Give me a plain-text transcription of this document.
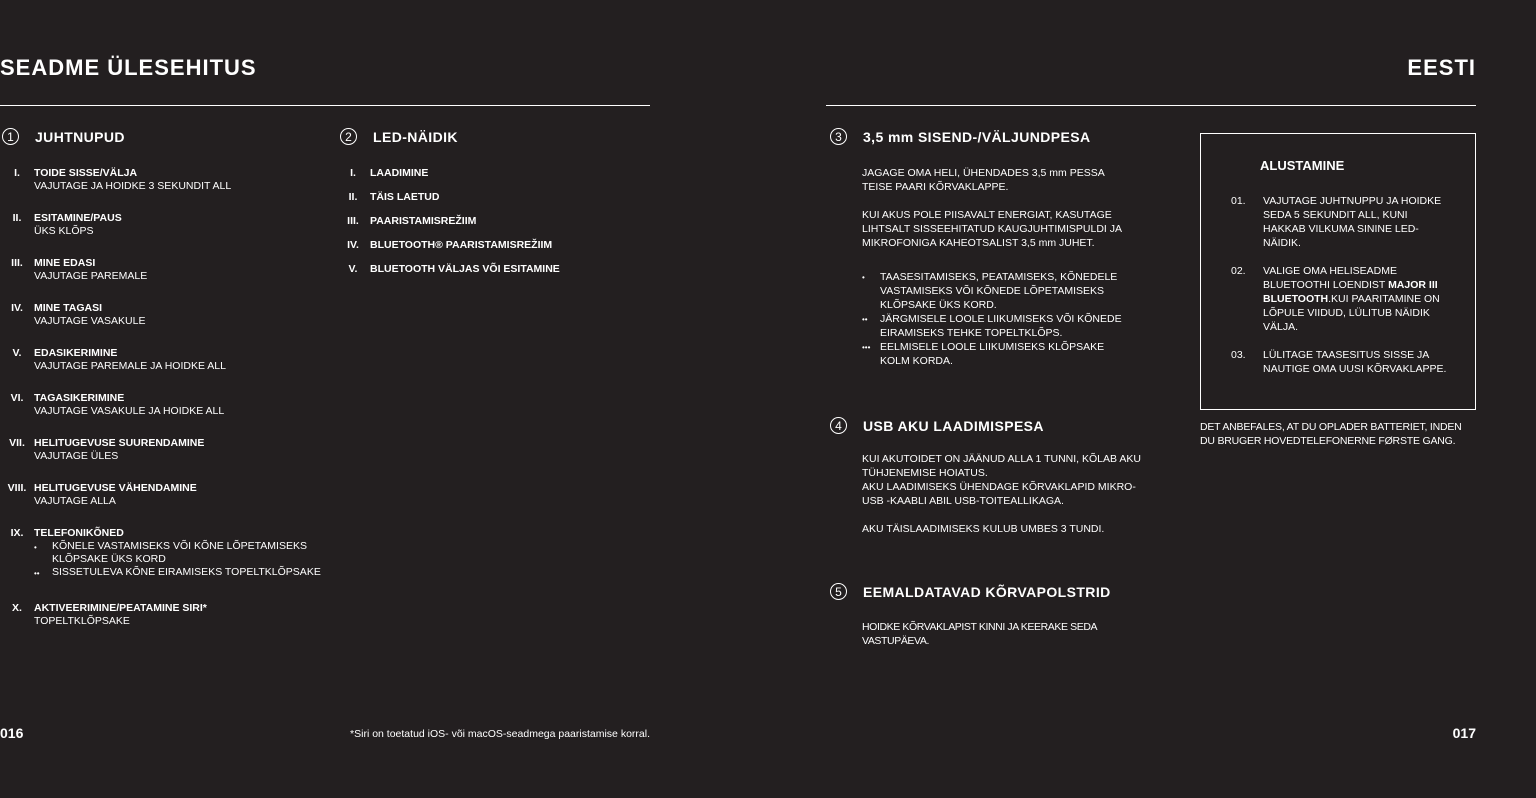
SEADME ÜLESEHITUS
1	JUHTNUPUD
I.	TOIDE SISSE/VÄLJA
VAJUTAGE JA HOIDKE 3 SEKUNDIT ALL
II.	ESITAMINE/PAUS
ÜKS KLÕPS
III.	MINE EDASI
VAJUTAGE PAREMALE
IV.	MINE TAGASI
VAJUTAGE VASAKULE
V.	EDASIKERIMINE
VAJUTAGE PAREMALE JA HOIDKE ALL
VI.	TAGASIKERIMINE
VAJUTAGE VASAKULE JA HOIDKE ALL
VII. HELITUGEVUSE SUURENDAMINE
VAJUTAGE ÜLES
VIII. HELITUGEVUSE VÄHENDAMINE
VAJUTAGE ALLA
IX.	TELEFONIKÕNED
•	KÕNELE VASTAMISEKS VÕI KÕNE LÕPETAMISEKS KLÕPSAKE ÜKS KORD
••	SISSETULEVA KÕNE EIRAMISEKS TOPELTKLÕPSAKE
X.	AKTIVEERIMINE/PEATAMINE SIRI*
TOPELTKLÕPSAKE
2	LED-NÄIDIK
I.	LAADIMINE
II.	TÄIS LAETUD
III.	PAARISTAMISREŽIIM
IV.	BLUETOOTH® PAARISTAMISREŽIIM
V.	BLUETOOTH VÄLJAS VÕI ESITAMINE
016	*Siri on toetatud iOS- või macOS-seadmega paaristamise korral.
EESTI
3	3,5 mm SISEND-/VÄLJUNDPESA
JAGAGE OMA HELI, ÜHENDADES 3,5 mm PESSA TEISE PAARI KÕRVAKLAPPE.
KUI AKUS POLE PIISAVALT ENERGIAT, KASUTAGE LIHTSALT SISSEEHITATUD KAUGJUHTIMISPULDI JA MIKROFONIGA KAHEOTSALIST 3,5 mm JUHET.
•	TAASESITAMISEKS, PEATAMISEKS, KÕNEDELE VASTAMISEKS VÕI KÕNEDE LÕPETAMISEKS KLÕPSAKE ÜKS KORD.
••	JÄRGMISELE LOOLE LIIKUMISEKS VÕI KÕNEDE EIRAMISEKS TEHKE TOPELTKLÕPS.
••• EELMISELE LOOLE LIIKUMISEKS KLÕPSAKE KOLM KORDA.
4	USB AKU LAADIMISPESA
KUI AKUTOIDET ON JÄÄNUD ALLA 1 TUNNI, KÕLAB AKU TÜHJENEMISE HOIATUS.
AKU LAADIMISEKS ÜHENDAGE KÕRVAKLAPID MIKRO-USB -KAABLI ABIL USB-TOITEALLIKAGA.
AKU TÄISLAADIMISEKS KULUB UMBES 3 TUNDI.
5	EEMALDATAVAD KÕRVAPOLSTRID
HOIDKE KÕRVAKLAPIST KINNI JA KEERAKE SEDA VASTUPÄEVA.
ALUSTAMINE
01.	VAJUTAGE JUHTNUPPU JA HOIDKE SEDA 5 SEKUNDIT ALL, KUNI HAKKAB VILKUMA SININE LED-NÄIDIK.
02.	VALIGE OMA HELISEADME BLUETOOTHI LOENDIST MAJOR III BLUETOOTH.KUI PAARITAMINE ON LÕPULE VIIDUD, LÜLITUB NÄIDIK VÄLJA.
03.	LÜLITAGE TAASESITUS SISSE JA NAUTIGE OMA UUSI KÕRVAKLAPPE.
DET ANBEFALES, AT DU OPLADER BATTERIET, INDEN DU BRUGER HOVEDTELEFONERNE FØRSTE GANG.
017
